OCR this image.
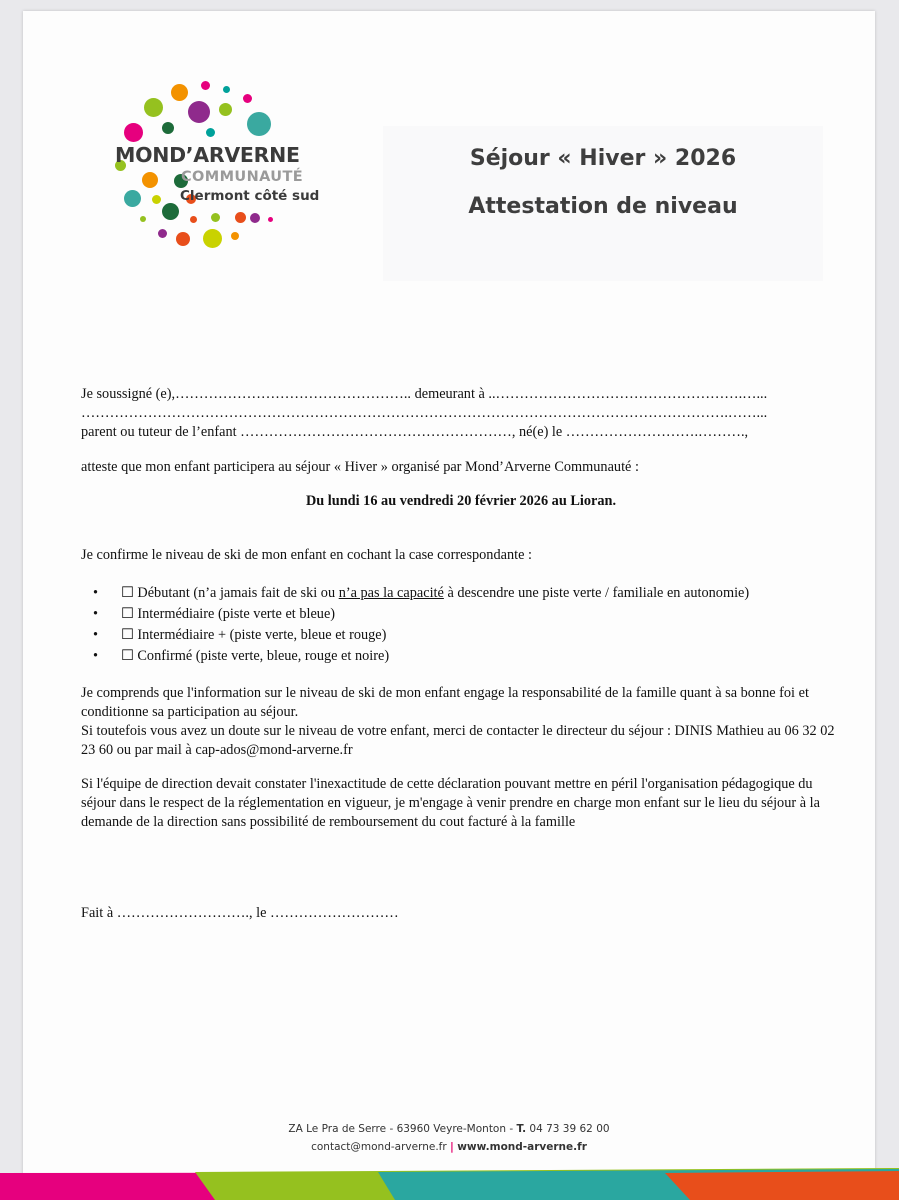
MOND’ARVERNE
COMMUNAUTÉ
Clermont côté sud
Séjour « Hiver » 2026
Attestation de niveau
Je soussigné (e),………………………………………….. demeurant à ..…………………………………………….…...
……………………………………………………………………………………………………………………….……...
parent ou tuteur de l’enfant …………………………………………………, né(e) le ……………………….……….,
atteste que mon enfant participera au séjour « Hiver » organisé par Mond’Arverne Communauté :
Du lundi 16 au vendredi 20 février 2026 au Lioran.
Je confirme le niveau de ski de mon enfant en cochant la case correspondante :
• ☐ Débutant (n’a jamais fait de ski ou n’a pas la capacité à descendre une piste verte / familiale en autonomie)
• ☐ Intermédiaire (piste verte et bleue)
• ☐ Intermédiaire + (piste verte, bleue et rouge)
• ☐ Confirmé (piste verte, bleue, rouge et noire)
Je comprends que l'information sur le niveau de ski de mon enfant engage la responsabilité de la famille quant à sa bonne foi et conditionne sa participation au séjour.
Si toutefois vous avez un doute sur le niveau de votre enfant, merci de contacter le directeur du séjour : DINIS Mathieu au 06 32 02 23 60 ou par mail à cap-ados@mond-arverne.fr
Si l'équipe de direction devait constater l'inexactitude de cette déclaration pouvant mettre en péril l'organisation pédagogique du séjour dans le respect de la réglementation en vigueur, je m'engage à venir prendre en charge mon enfant sur le lieu du séjour à la demande de la direction sans possibilité de remboursement du cout facturé à la famille
Fait à ………………………., le ………………………
ZA Le Pra de Serre - 63960 Veyre-Monton - T. 04 73 39 62 00
contact@mond-arverne.fr | www.mond-arverne.fr
